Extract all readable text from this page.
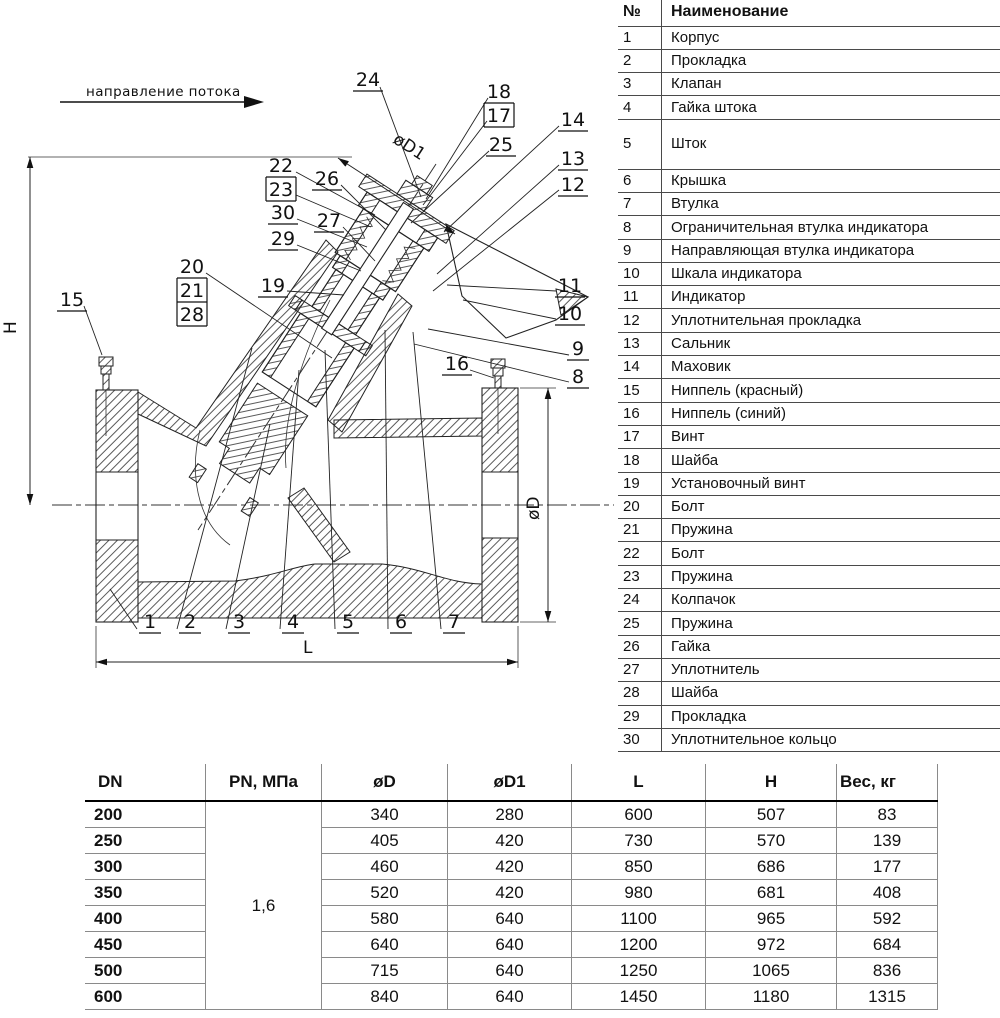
направление потока
H
L
øD
øD1
24
18
17
25
14
13
12
22
23 26
30 27
29
19
20
21
28
15
11
10
16
9
8
1 2 3 4 5 6 7
№	Наименование
1	Корпус
2	Прокладка
3	Клапан
4	Гайка штока
5	Шток
6	Крышка
7	Втулка
8	Ограничительная втулка индикатора
9	Направляющая втулка индикатора
10	Шкала индикатора
11	Индикатор
12	Уплотнительная прокладка
13	Сальник
14	Маховик
15	Ниппель (красный)
16	Ниппель (синий)
17	Винт
18	Шайба
19	Установочный винт
20	Болт
21	Пружина
22	Болт
23	Пружина
24	Колпачок
25	Пружина
26	Гайка
27	Уплотнитель
28	Шайба
29	Прокладка
30	Уплотнительное кольцо
DN	PN, МПа	øD	øD1	L	H	Вес, кг
200	1,6	340	280	600	507	83
250		405	420	730	570	139
300		460	420	850	686	177
350		520	420	980	681	408
400		580	640	1100	965	592
450		640	640	1200	972	684
500		715	640	1250	1065	836
600		840	640	1450	1180	1315
